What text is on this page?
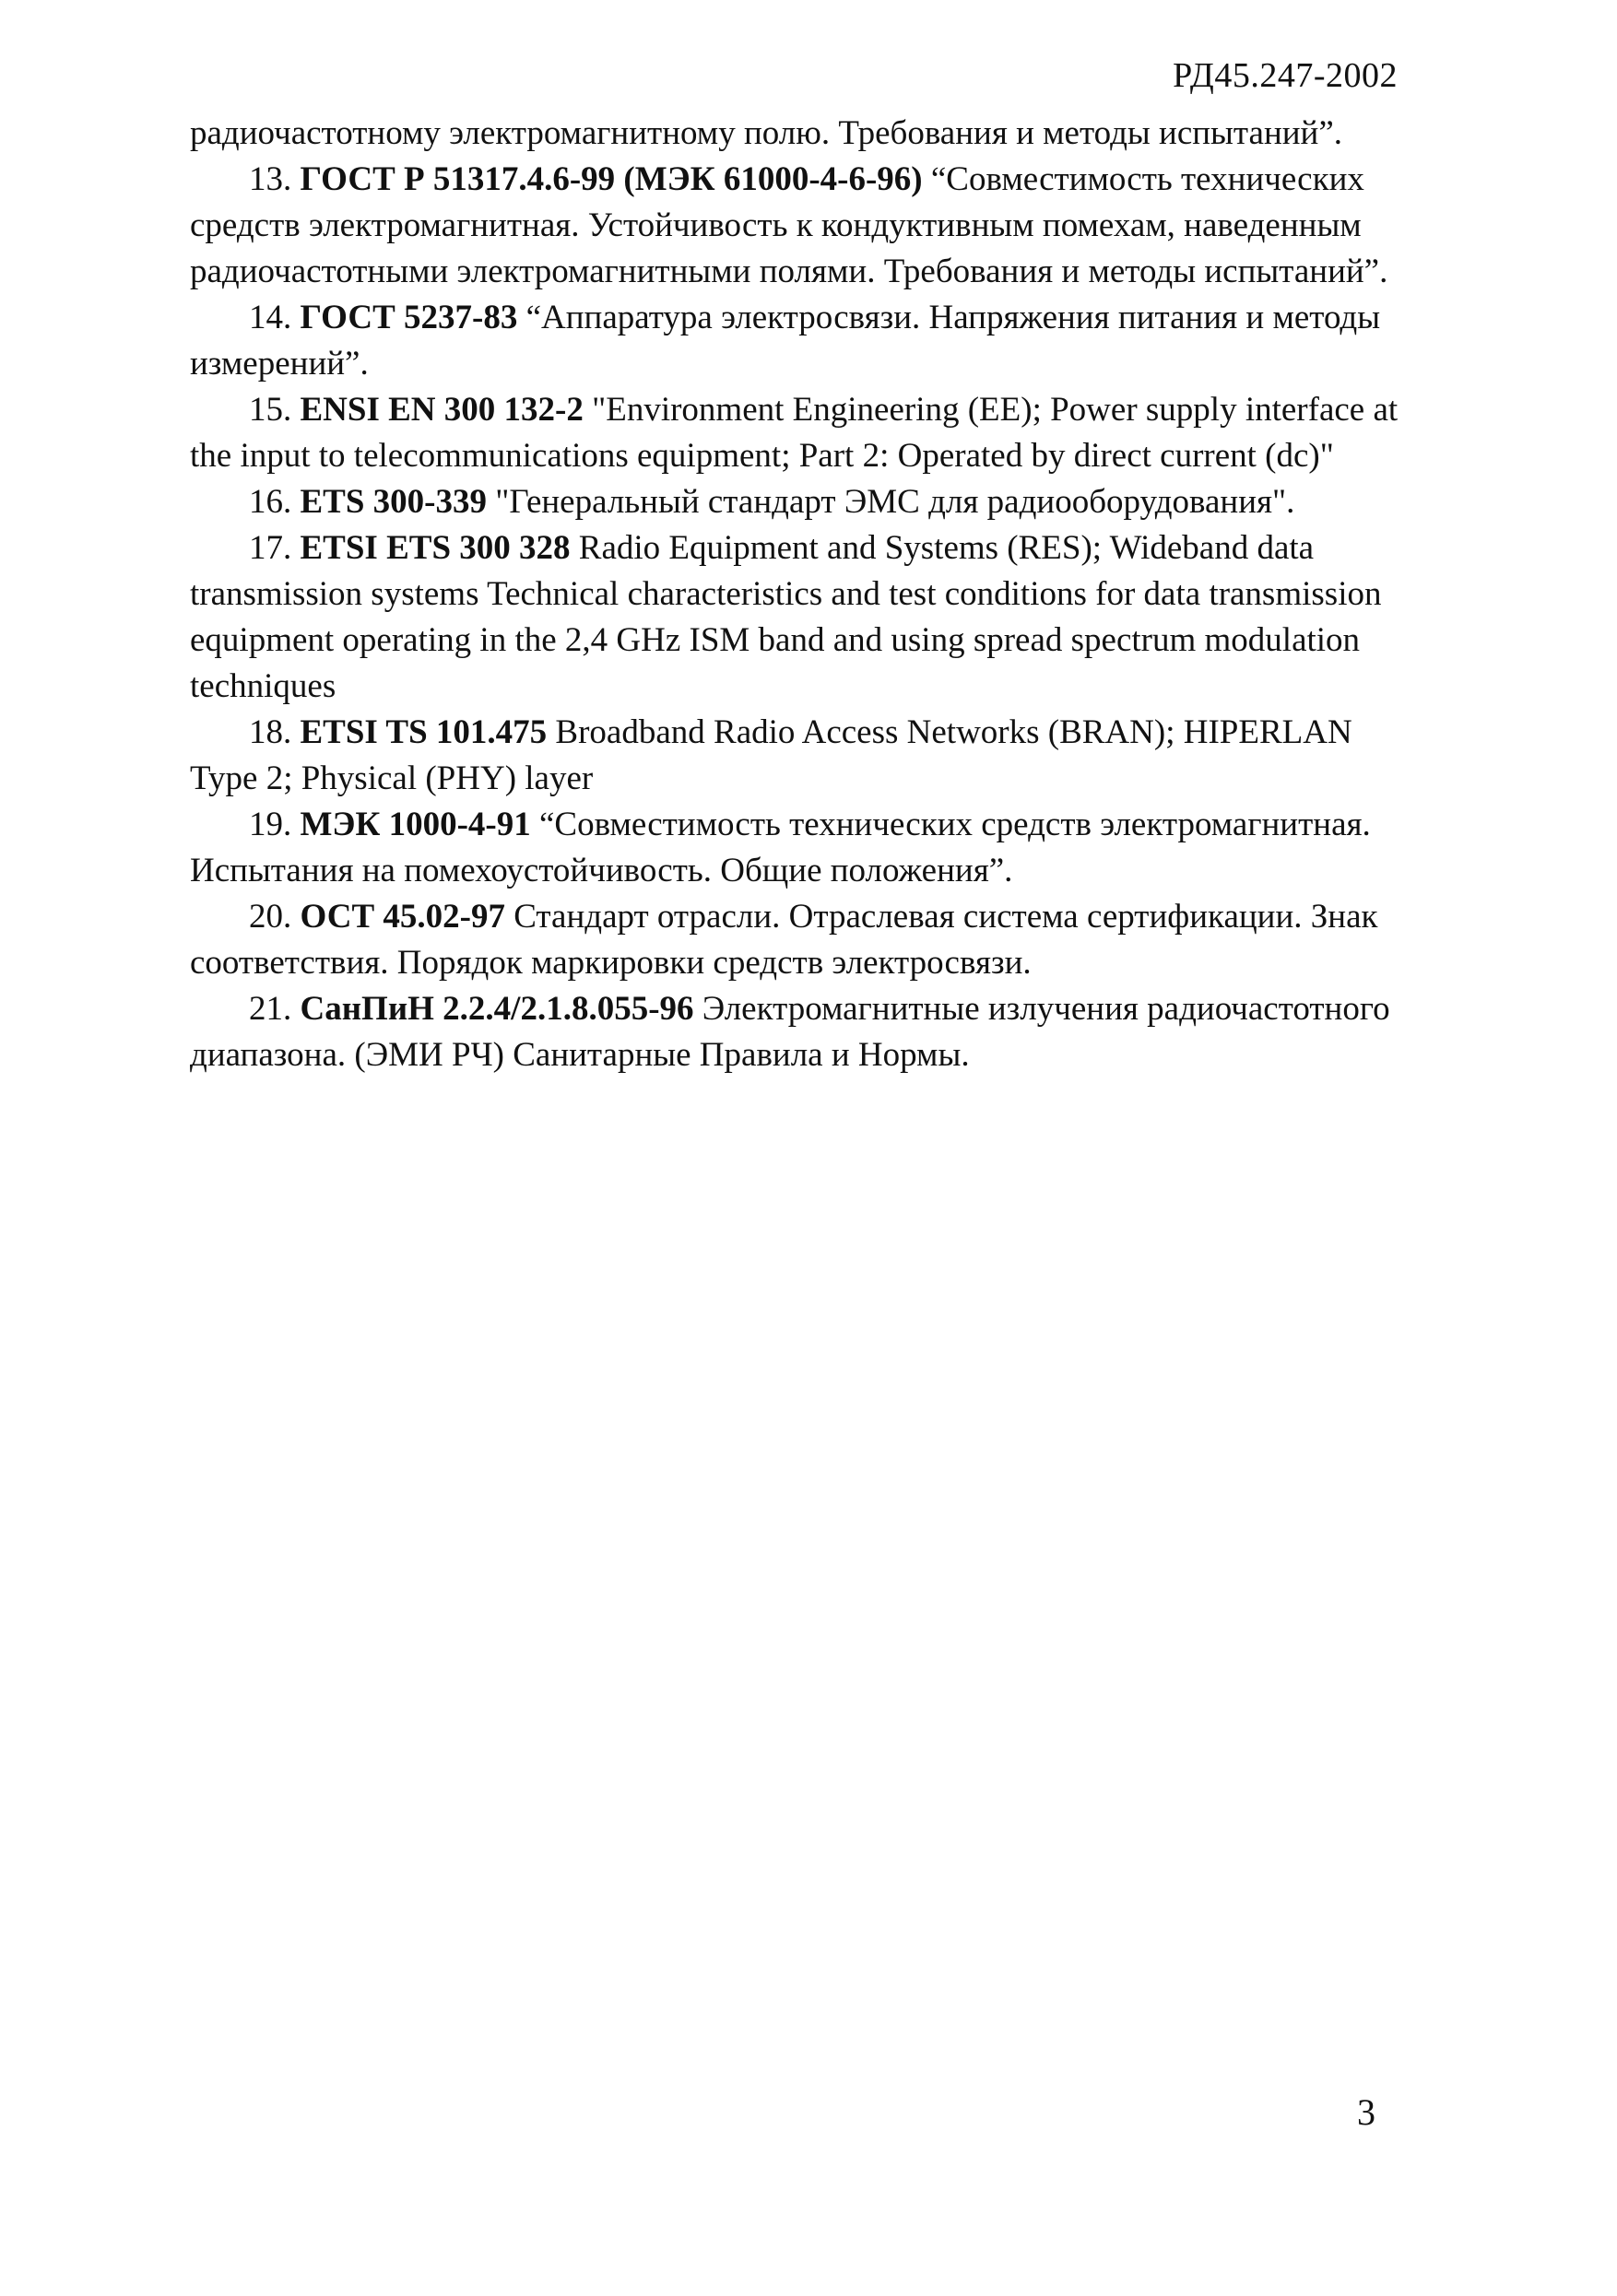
РД45.247-2002

радиочастотному электромагнитному полю. Требования и методы испытаний”.

13. ГОСТ Р 51317.4.6-99 (МЭК 61000-4-6-96) “Совместимость технических средств электромагнитная. Устойчивость к кондуктивным помехам, наведенным радиочастотными электромагнитными полями. Требования и методы испытаний”.

14. ГОСТ 5237-83 “Аппаратура электросвязи. Напряжения питания и методы измерений”.

15. ENSI EN 300 132-2 "Environment Engineering (EE); Power supply interface at the input to telecommunications equipment; Part 2: Operated by direct current (dc)"

16. ETS 300-339 "Генеральный стандарт ЭМС для радиооборудования".

17. ETSI ETS 300 328 Radio Equipment and Systems (RES); Wideband data transmission systems Technical characteristics and test conditions for data transmission equipment operating in the 2,4 GHz ISM band and using spread spectrum modulation techniques

18. ETSI TS 101.475 Broadband Radio Access Networks (BRAN); HIPERLAN Type 2; Physical (PHY) layer

19. МЭК 1000-4-91 “Совместимость технических средств электромагнитная. Испытания на помехоустойчивость. Общие положения”.

20. ОСТ 45.02-97 Стандарт отрасли. Отраслевая система сертификации. Знак соответствия. Порядок маркировки средств электросвязи.

21. СанПиН 2.2.4/2.1.8.055-96 Электромагнитные излучения радиочастотного диапазона. (ЭМИ РЧ) Санитарные Правила и Нормы.

3
